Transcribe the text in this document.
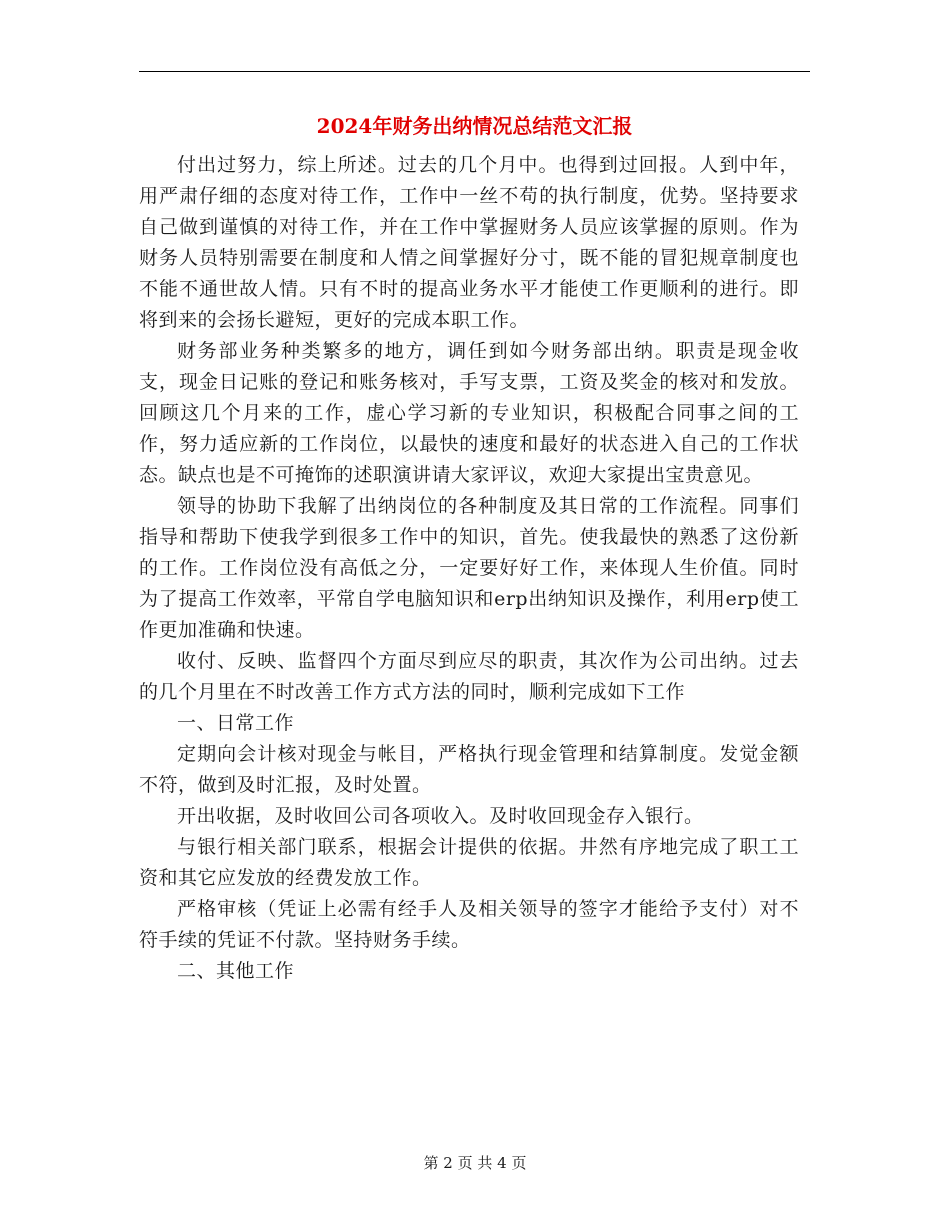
2024年财务出纳情况总结范文汇报

付出过努力，综上所述。过去的几个月中。也得到过回报。人到中年，用严肃仔细的态度对待工作，工作中一丝不苟的执行制度，优势。坚持要求自己做到谨慎的对待工作，并在工作中掌握财务人员应该掌握的原则。作为财务人员特别需要在制度和人情之间掌握好分寸，既不能的冒犯规章制度也不能不通世故人情。只有不时的提高业务水平才能使工作更顺利的进行。即将到来的会扬长避短，更好的完成本职工作。

财务部业务种类繁多的地方，调任到如今财务部出纳。职责是现金收支，现金日记账的登记和账务核对，手写支票，工资及奖金的核对和发放。回顾这几个月来的工作，虚心学习新的专业知识，积极配合同事之间的工作，努力适应新的工作岗位，以最快的速度和最好的状态进入自己的工作状态。缺点也是不可掩饰的述职演讲请大家评议，欢迎大家提出宝贵意见。

领导的协助下我解了出纳岗位的各种制度及其日常的工作流程。同事们指导和帮助下使我学到很多工作中的知识，首先。使我最快的熟悉了这份新的工作。工作岗位没有高低之分，一定要好好工作，来体现人生价值。同时为了提高工作效率，平常自学电脑知识和erp出纳知识及操作，利用erp使工作更加准确和快速。

收付、反映、监督四个方面尽到应尽的职责，其次作为公司出纳。过去的几个月里在不时改善工作方式方法的同时，顺利完成如下工作

一、日常工作

定期向会计核对现金与帐目，严格执行现金管理和结算制度。发觉金额不符，做到及时汇报，及时处置。

开出收据，及时收回公司各项收入。及时收回现金存入银行。

与银行相关部门联系，根据会计提供的依据。井然有序地完成了职工工资和其它应发放的经费发放工作。

严格审核（凭证上必需有经手人及相关领导的签字才能给予支付）对不符手续的凭证不付款。坚持财务手续。

二、其他工作

第 2 页 共 4 页
